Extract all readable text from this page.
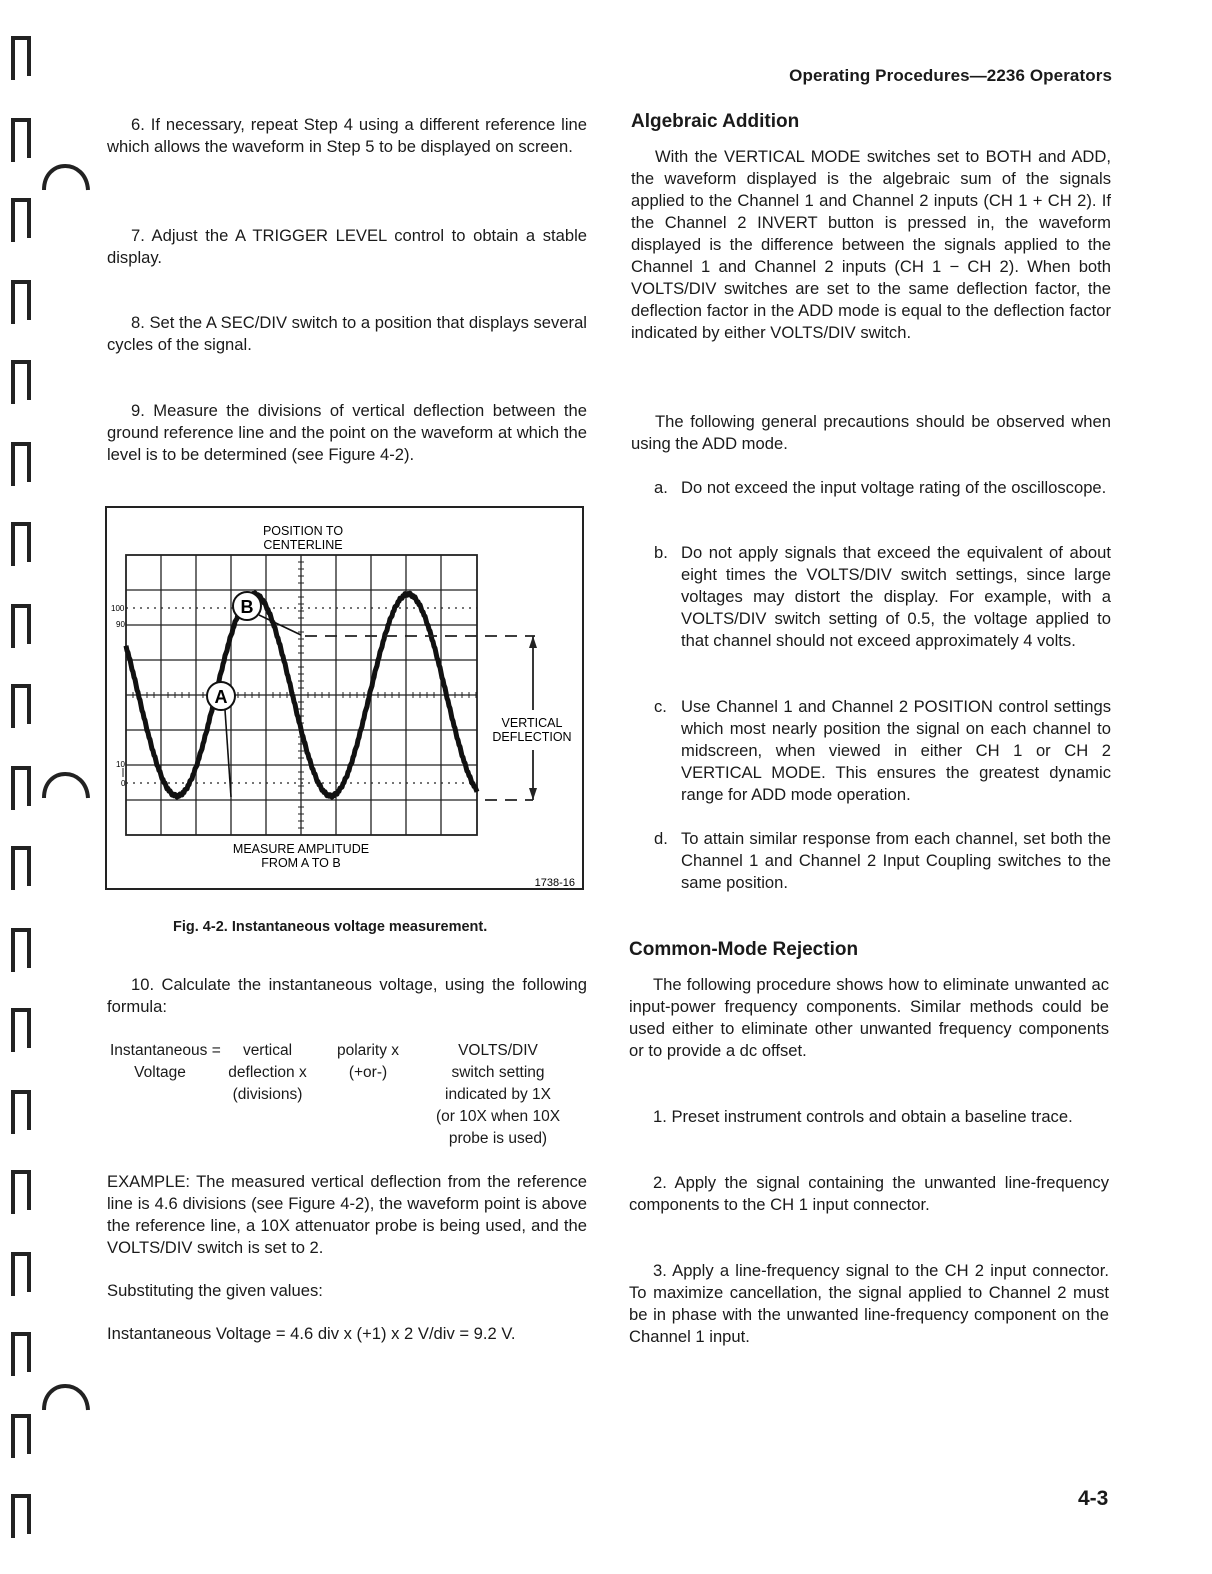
Operating Procedures—2236 Operators
6. If necessary, repeat Step 4 using a different reference line which allows the waveform in Step 5 to be displayed on screen.
7. Adjust the A TRIGGER LEVEL control to obtain a stable display.
8. Set the A SEC/DIV switch to a position that displays several cycles of the signal.
9. Measure the divisions of vertical deflection between the ground reference line and the point on the waveform at which the level is to be determined (see Figure 4-2).
100
90
10
0
B
A
POSITION TO
CENTERLINE
VERTICAL
DEFLECTION
MEASURE AMPLITUDE
FROM A TO B
1738-16
Fig. 4-2. Instantaneous voltage measurement.
10. Calculate the instantaneous voltage, using the following formula:
Instantaneous =
Voltage
vertical
deflection x
(divisions)
polarity x
(+or-)
VOLTS/DIV
switch setting
indicated by 1X
(or 10X when 10X
probe is used)
EXAMPLE: The measured vertical deflection from the reference line is 4.6 divisions (see Figure 4-2), the waveform point is above the reference line, a 10X attenuator probe is being used, and the VOLTS/DIV switch is set to 2.
Substituting the given values:
Instantaneous Voltage = 4.6 div x (+1) x 2 V/div = 9.2 V.
Algebraic Addition
With the VERTICAL MODE switches set to BOTH and ADD, the waveform displayed is the algebraic sum of the signals applied to the Channel 1 and Channel 2 inputs (CH 1 + CH 2). If the Channel 2 INVERT button is pressed in, the waveform displayed is the difference between the signals applied to the Channel 1 and Channel 2 inputs (CH 1 − CH 2). When both VOLTS/DIV switches are set to the same deflection factor, the deflection factor in the ADD mode is equal to the deflection factor indicated by either VOLTS/DIV switch.
The following general precautions should be observed when using the ADD mode.
a. Do not exceed the input voltage rating of the oscilloscope.
b. Do not apply signals that exceed the equivalent of about eight times the VOLTS/DIV switch settings, since large voltages may distort the display. For example, with a VOLTS/DIV switch setting of 0.5, the voltage applied to that channel should not exceed approximately 4 volts.
c. Use Channel 1 and Channel 2 POSITION control settings which most nearly position the signal on each channel to midscreen, when viewed in either CH 1 or CH 2 VERTICAL MODE. This ensures the greatest dynamic range for ADD mode operation.
d. To attain similar response from each channel, set both the Channel 1 and Channel 2 Input Coupling switches to the same position.
Common-Mode Rejection
The following procedure shows how to eliminate unwanted ac input-power frequency components. Similar methods could be used either to eliminate other unwanted frequency components or to provide a dc offset.
1. Preset instrument controls and obtain a baseline trace.
2. Apply the signal containing the unwanted line-frequency components to the CH 1 input connector.
3. Apply a line-frequency signal to the CH 2 input connector. To maximize cancellation, the signal applied to Channel 2 must be in phase with the unwanted line-frequency component on the Channel 1 input.
4-3
